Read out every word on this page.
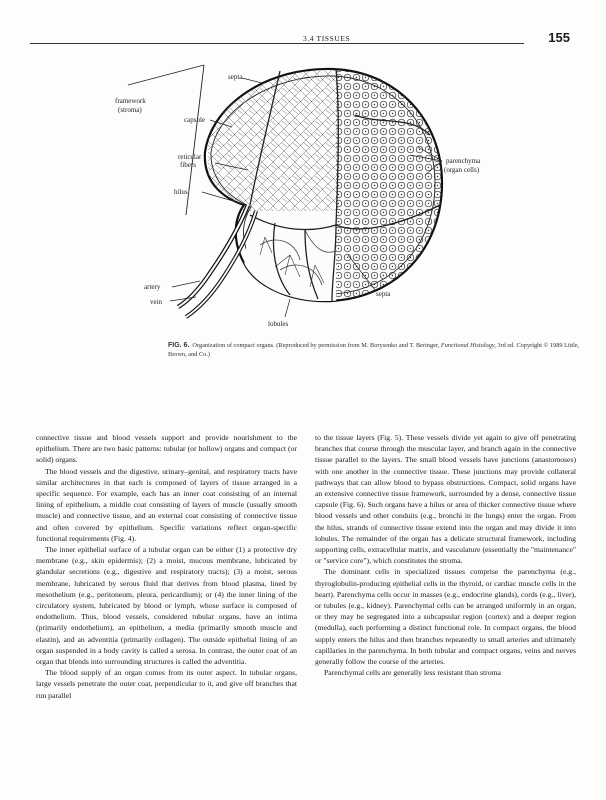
3.4 TISSUES	155
framework
(stroma)
septa
capsule
reticular
fibers
hilus
parenchyma
(organ cells)
artery
vein
septa
lobules
FIG. 6. Organization of compact organs. (Reproduced by permission from M. Borysenko and T. Beringer, Functional Histology, 3rd ed. Copyright © 1989 Little, Brown, and Co.)

connective tissue and blood vessels support and provide nourishment to the epithelium. There are two basic patterns: tubular (or hollow) organs and compact (or solid) organs.

The blood vessels and the digestive, urinary–genital, and respiratory tracts have similar architectures in that each is composed of layers of tissue arranged in a specific sequence. For example, each has an inner coat consisting of an internal lining of epithelium, a middle coat consisting of layers of muscle (usually smooth muscle) and connective tissue, and an external coat consisting of connective tissue and often covered by epithelium. Specific variations reflect organ-specific functional requirements (Fig. 4).

The inner epithelial surface of a tubular organ can be either (1) a protective dry membrane (e.g., skin epidermis); (2) a moist, mucous membrane, lubricated by glandular secretions (e.g., digestive and respiratory tracts); (3) a moist, serous membrane, lubricated by serous fluid that derives from blood plasma, lined by mesothelium (e.g., peritoneum, pleura, pericardium); or (4) the inner lining of the circulatory system, lubricated by blood or lymph, whose surface is composed of endothelium. Thus, blood vessels, considered tubular organs, have an intima (primarily endothelium), an epithelium, a media (primarily smooth muscle and elastin), and an adventitia (primarily collagen). The outside epithelial lining of an organ suspended in a body cavity is called a serosa. In contrast, the outer coat of an organ that blends into surrounding structures is called the adventitia.

The blood supply of an organ comes from its outer aspect. In tubular organs, large vessels penetrate the outer coat, perpendicular to it, and give off branches that run parallel

to the tissue layers (Fig. 5). These vessels divide yet again to give off penetrating branches that course through the muscular layer, and branch again in the connective tissue parallel to the layers. The small blood vessels have junctions (anastomoses) with one another in the connective tissue. These junctions may provide collateral pathways that can allow blood to bypass obstructions. Compact, solid organs have an extensive connective tissue framework, surrounded by a dense, connective tissue capsule (Fig. 6). Such organs have a hilus or area of thicker connective tissue where blood vessels and other conduits (e.g., bronchi in the lungs) enter the organ. From the hilus, strands of connective tissue extend into the organ and may divide it into lobules. The remainder of the organ has a delicate structural framework, including supporting cells, extracellular matrix, and vasculature (essentially the "maintenance" or "service core"), which constitutes the stroma.

The dominant cells in specialized tissues comprise the parenchyma (e.g., thyroglobulin-producing epithelial cells in the thyroid, or cardiac muscle cells in the heart). Parenchyma cells occur in masses (e.g., endocrine glands), cords (e.g., liver), or tubules (e.g., kidney). Parenchymal cells can be arranged uniformly in an organ, or they may be segregated into a subcapsular region (cortex) and a deeper region (medulla), each performing a distinct functional role. In compact organs, the blood supply enters the hilus and then branches repeatedly to small arteries and ultimately capillaries in the parenchyma. In both tubular and compact organs, veins and nerves generally follow the course of the arteries.

Parenchymal cells are generally less resistant than stroma
